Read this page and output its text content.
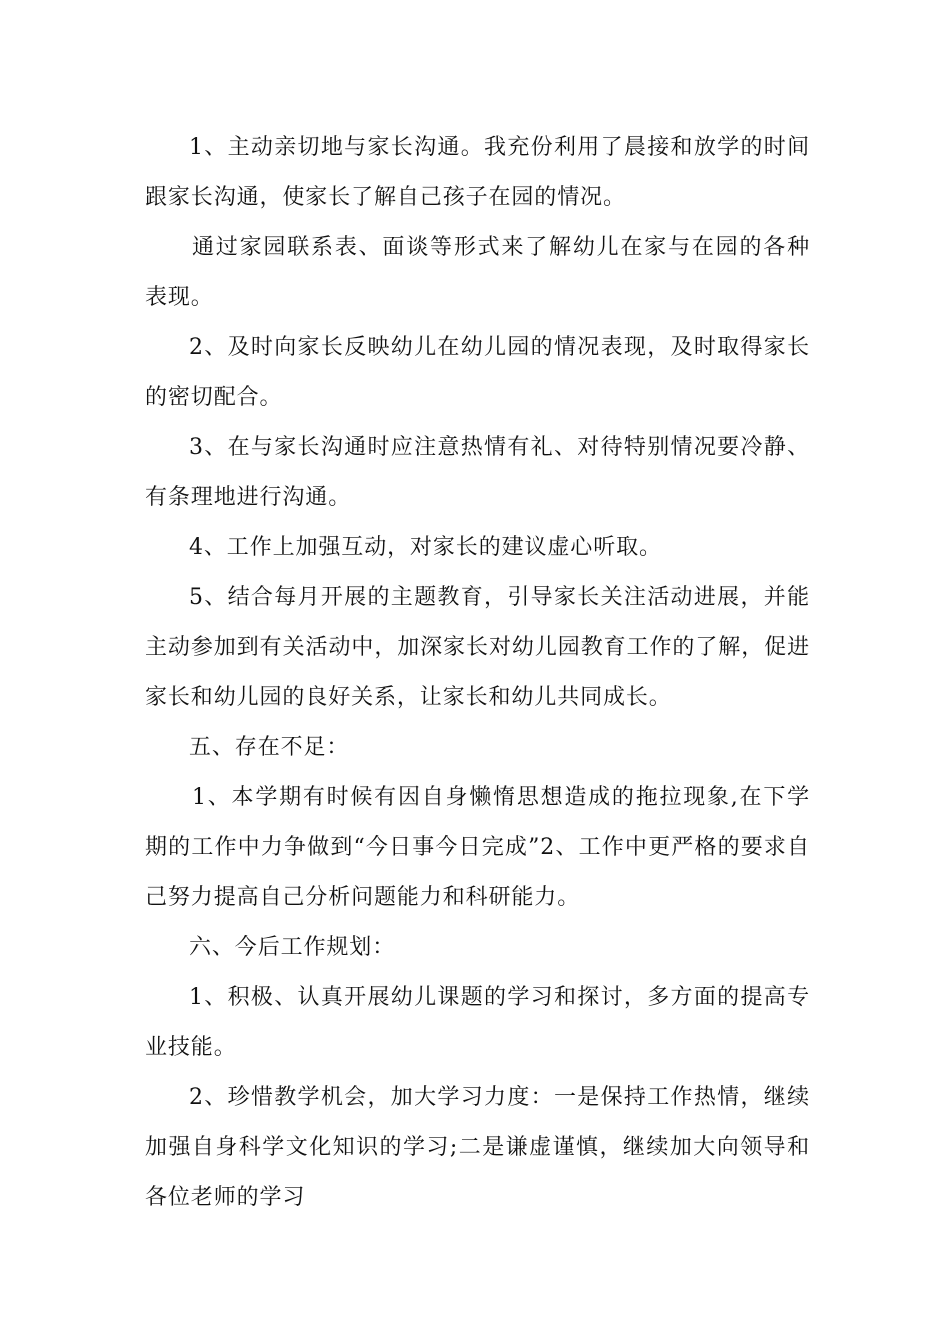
1、主动亲切地与家长沟通。我充份利用了晨接和放学的时间跟家长沟通，使家长了解自己孩子在园的情况。

通过家园联系表、面谈等形式来了解幼儿在家与在园的各种表现。

2、及时向家长反映幼儿在幼儿园的情况表现，及时取得家长的密切配合。

3、在与家长沟通时应注意热情有礼、对待特别情况要冷静、有条理地进行沟通。

4、工作上加强互动，对家长的建议虚心听取。

5、结合每月开展的主题教育，引导家长关注活动进展，并能主动参加到有关活动中，加深家长对幼儿园教育工作的了解，促进家长和幼儿园的良好关系，让家长和幼儿共同成长。

五、存在不足：

1、本学期有时候有因自身懒惰思想造成的拖拉现象,在下学期的工作中力争做到“今日事今日完成”2、工作中更严格的要求自己努力提高自己分析问题能力和科研能力。

六、今后工作规划：

1、积极、认真开展幼儿课题的学习和探讨，多方面的提高专业技能。

2、珍惜教学机会，加大学习力度：一是保持工作热情，继续加强自身科学文化知识的学习;二是谦虚谨慎，继续加大向领导和各位老师的学习
